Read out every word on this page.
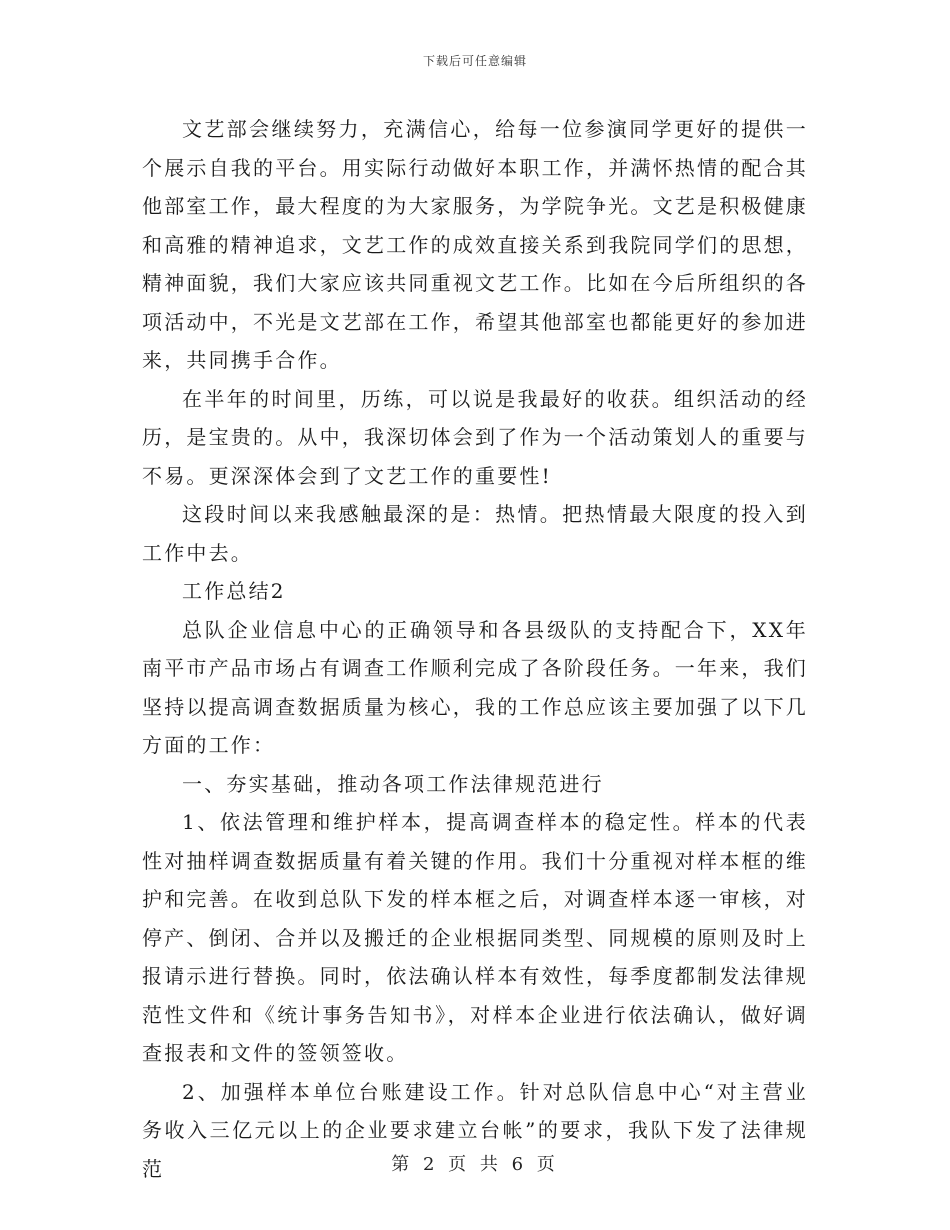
下载后可任意编辑

文艺部会继续努力，充满信心，给每一位参演同学更好的提供一个展示自我的平台。用实际行动做好本职工作，并满怀热情的配合其他部室工作，最大程度的为大家服务，为学院争光。文艺是积极健康和高雅的精神追求，文艺工作的成效直接关系到我院同学们的思想，精神面貌，我们大家应该共同重视文艺工作。比如在今后所组织的各项活动中，不光是文艺部在工作，希望其他部室也都能更好的参加进来，共同携手合作。

在半年的时间里，历练，可以说是我最好的收获。组织活动的经历，是宝贵的。从中，我深切体会到了作为一个活动策划人的重要与不易。更深深体会到了文艺工作的重要性!

这段时间以来我感触最深的是：热情。把热情最大限度的投入到工作中去。

工作总结2

总队企业信息中心的正确领导和各县级队的支持配合下，XX年南平市产品市场占有调查工作顺利完成了各阶段任务。一年来，我们坚持以提高调查数据质量为核心，我的工作总应该主要加强了以下几方面的工作：

一、夯实基础，推动各项工作法律规范进行

1、依法管理和维护样本，提高调查样本的稳定性。样本的代表性对抽样调查数据质量有着关键的作用。我们十分重视对样本框的维护和完善。在收到总队下发的样本框之后，对调查样本逐一审核，对停产、倒闭、合并以及搬迁的企业根据同类型、同规模的原则及时上报请示进行替换。同时，依法确认样本有效性，每季度都制发法律规范性文件和《统计事务告知书》，对样本企业进行依法确认，做好调查报表和文件的签领签收。

2、加强样本单位台账建设工作。针对总队信息中心“对主营业务收入三亿元以上的企业要求建立台帐”的要求，我队下发了法律规范	第 2 页 共 6 页
